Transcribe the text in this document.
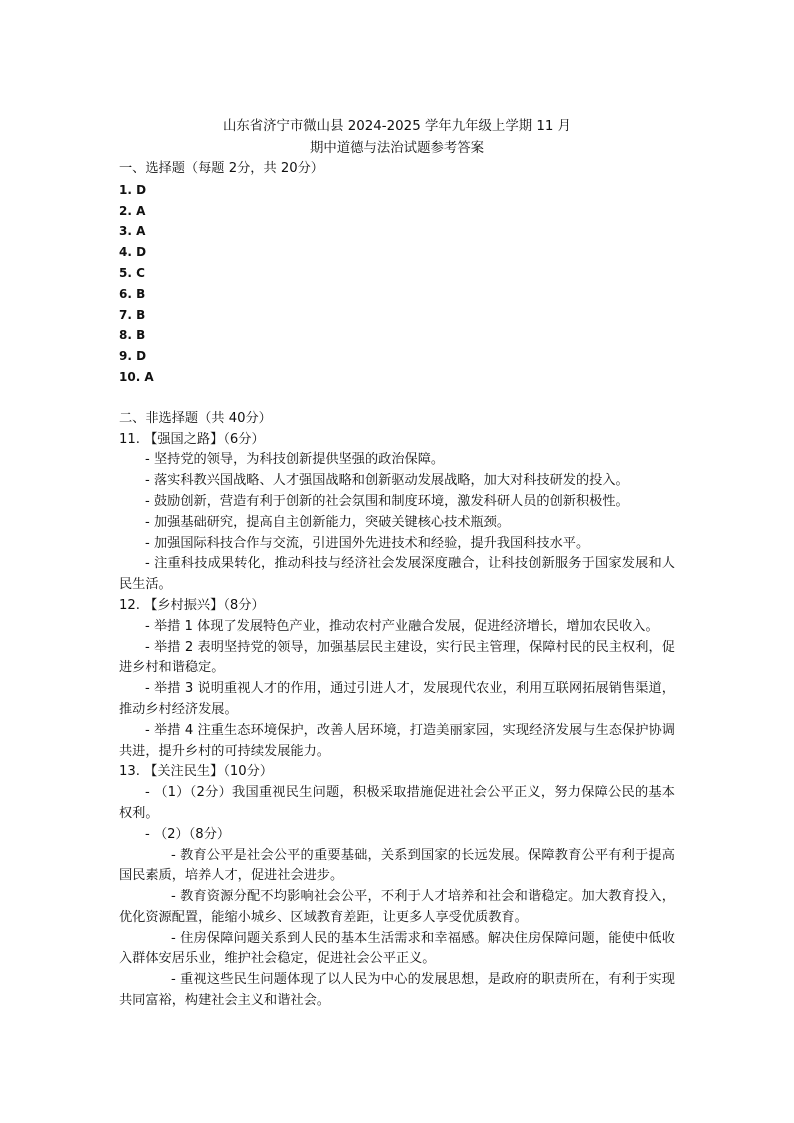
山东省济宁市微山县 2024-2025 学年九年级上学期 11 月
期中道德与法治试题参考答案
一、选择题（每题 2分，共 20分）
1. D
2. A
3. A
4. D
5. C
6. B
7. B
8. B
9. D
10. A
二、非选择题（共 40分）
11. 【强国之路】（6分）
- 坚持党的领导，为科技创新提供坚强的政治保障。
- 落实科教兴国战略、人才强国战略和创新驱动发展战略，加大对科技研发的投入。
- 鼓励创新，营造有利于创新的社会氛围和制度环境，激发科研人员的创新积极性。
- 加强基础研究，提高自主创新能力，突破关键核心技术瓶颈。
- 加强国际科技合作与交流，引进国外先进技术和经验，提升我国科技水平。
- 注重科技成果转化，推动科技与经济社会发展深度融合，让科技创新服务于国家发展和人民生活。
12. 【乡村振兴】（8分）
- 举措 1 体现了发展特色产业，推动农村产业融合发展，促进经济增长，增加农民收入。
- 举措 2 表明坚持党的领导，加强基层民主建设，实行民主管理，保障村民的民主权利，促进乡村和谐稳定。
- 举措 3 说明重视人才的作用，通过引进人才，发展现代农业，利用互联网拓展销售渠道，推动乡村经济发展。
- 举措 4 注重生态环境保护，改善人居环境，打造美丽家园，实现经济发展与生态保护协调共进，提升乡村的可持续发展能力。
13. 【关注民生】（10分）
- （1）（2分）我国重视民生问题，积极采取措施促进社会公平正义，努力保障公民的基本权利。
- （2）（8分）
- 教育公平是社会公平的重要基础，关系到国家的长远发展。保障教育公平有利于提高国民素质，培养人才，促进社会进步。
- 教育资源分配不均影响社会公平，不利于人才培养和社会和谐稳定。加大教育投入，优化资源配置，能缩小城乡、区域教育差距，让更多人享受优质教育。
- 住房保障问题关系到人民的基本生活需求和幸福感。解决住房保障问题，能使中低收入群体安居乐业，维护社会稳定，促进社会公平正义。
- 重视这些民生问题体现了以人民为中心的发展思想，是政府的职责所在，有利于实现共同富裕，构建社会主义和谐社会。
